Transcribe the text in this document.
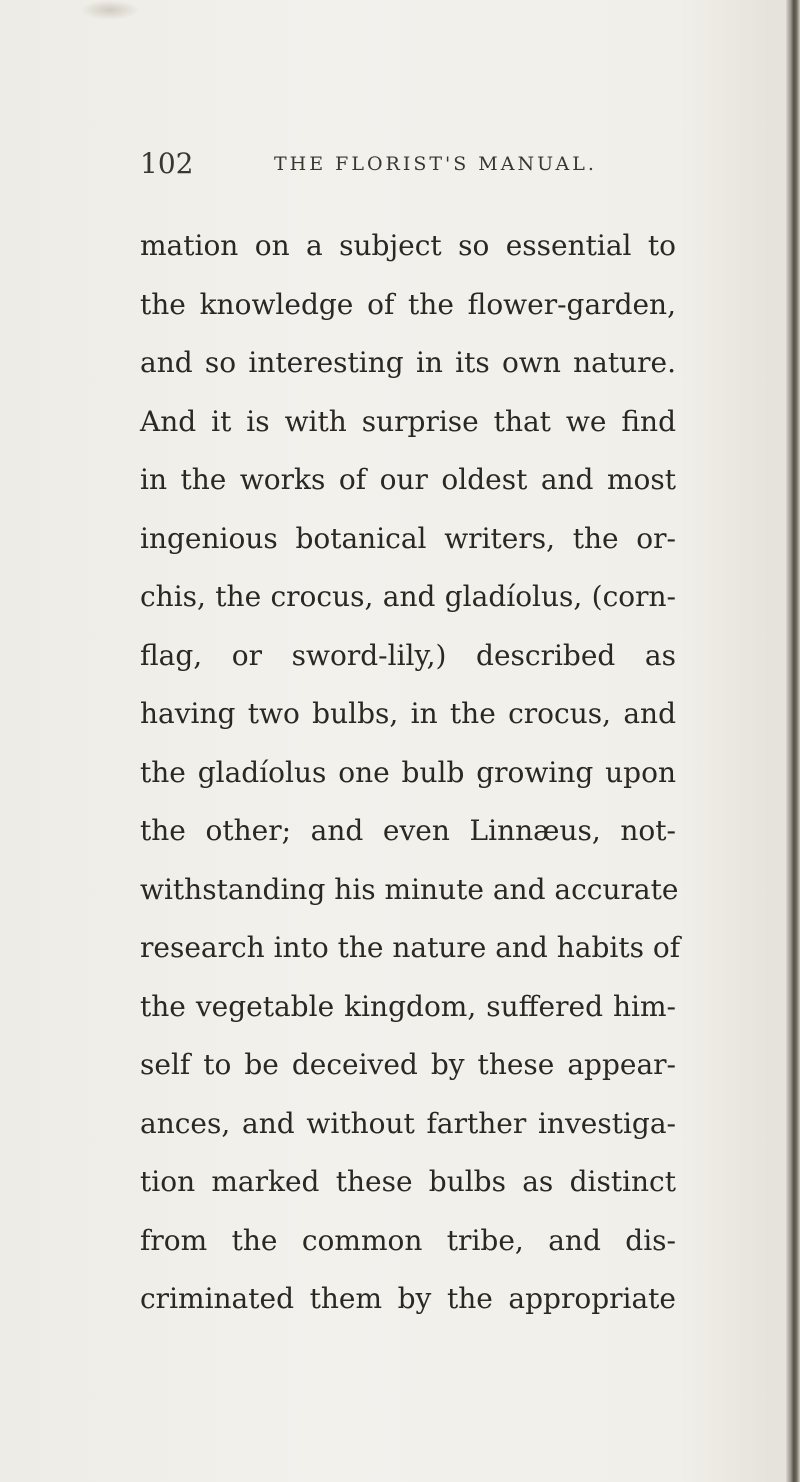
102	THE FLORIST'S MANUAL.
mation on a subject so essential to
the knowledge of the flower-garden,
and so interesting in its own nature.
And it is with surprise that we find
in the works of our oldest and most
ingenious botanical writers, the or-
chis, the crocus, and gladíolus, (corn-
flag, or sword-lily,) described as
having two bulbs, in the crocus, and
the gladíolus one bulb growing upon
the other; and even Linnæus, not-
withstanding his minute and accurate
research into the nature and habits of
the vegetable kingdom, suffered him-
self to be deceived by these appear-
ances, and without farther investiga-
tion marked these bulbs as distinct
from the common tribe, and dis-
criminated them by the appropriate
